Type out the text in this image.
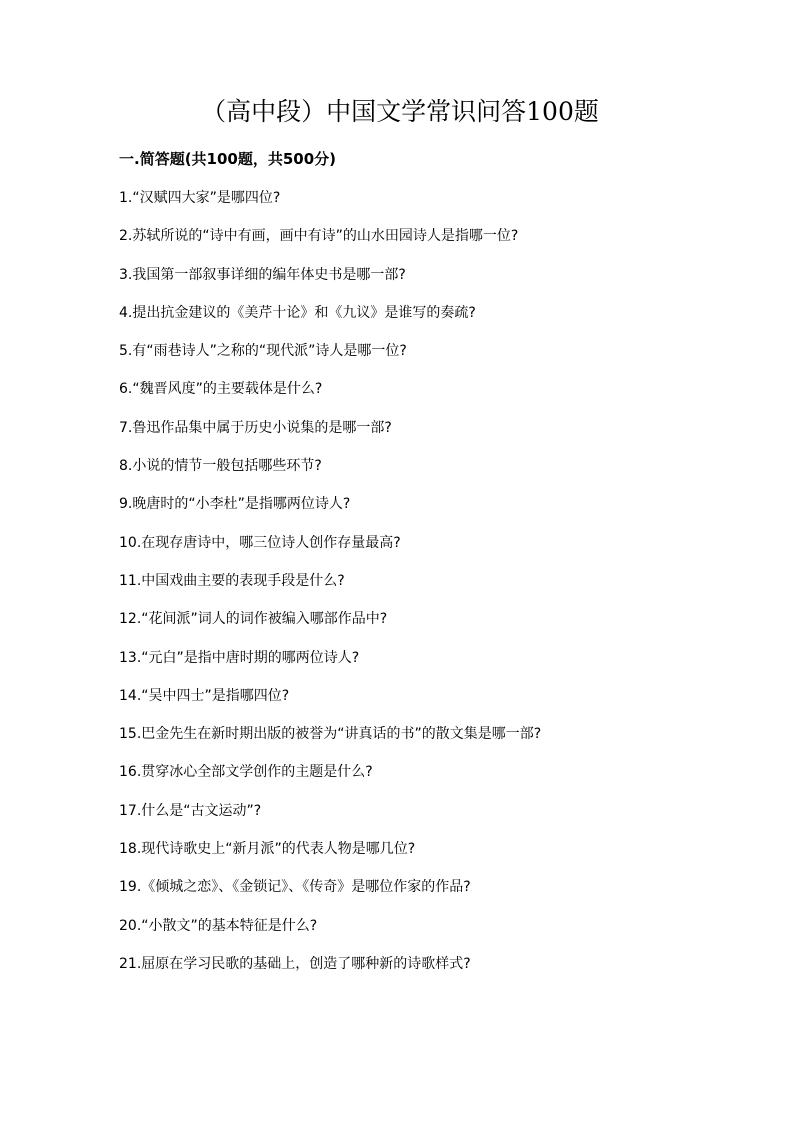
（高中段）中国文学常识问答100题
一.简答题(共100题，共500分)
1.“汉赋四大家”是哪四位?
2.苏轼所说的“诗中有画，画中有诗”的山水田园诗人是指哪一位?
3.我国第一部叙事详细的编年体史书是哪一部?
4.提出抗金建议的《美芹十论》和《九议》是谁写的奏疏?
5.有“雨巷诗人”之称的“现代派”诗人是哪一位?
6.“魏晋风度”的主要载体是什么?
7.鲁迅作品集中属于历史小说集的是哪一部?
8.小说的情节一般包括哪些环节?
9.晚唐时的“小李杜”是指哪两位诗人?
10.在现存唐诗中，哪三位诗人创作存量最高?
11.中国戏曲主要的表现手段是什么?
12.“花间派”词人的词作被编入哪部作品中?
13.“元白”是指中唐时期的哪两位诗人?
14.“吴中四士”是指哪四位?
15.巴金先生在新时期出版的被誉为“讲真话的书”的散文集是哪一部?
16.贯穿冰心全部文学创作的主题是什么?
17.什么是“古文运动”?
18.现代诗歌史上“新月派”的代表人物是哪几位?
19.《倾城之恋》、《金锁记》、《传奇》是哪位作家的作品?
20.“小散文”的基本特征是什么?
21.屈原在学习民歌的基础上，创造了哪种新的诗歌样式?
